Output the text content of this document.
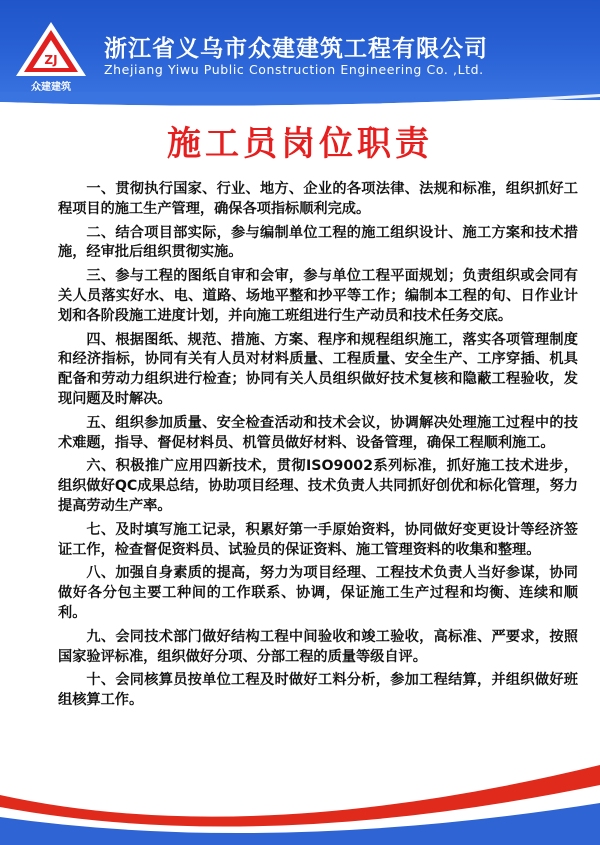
ZJ
众建建筑
浙江省义乌市众建建筑工程有限公司
Zhejiang Yiwu Public Construction Engineering Co. ,Ltd.
施工员岗位职责

一、贯彻执行国家、行业、地方、企业的各项法律、法规和标准，组织抓好工程项目的施工生产管理，确保各项指标顺利完成。

二、结合项目部实际，参与编制单位工程的施工组织设计、施工方案和技术措施，经审批后组织贯彻实施。

三、参与工程的图纸自审和会审，参与单位工程平面规划；负责组织或会同有关人员落实好水、电、道路、场地平整和抄平等工作；编制本工程的旬、日作业计划和各阶段施工进度计划，并向施工班组进行生产动员和技术任务交底。

四、根据图纸、规范、措施、方案、程序和规程组织施工，落实各项管理制度和经济指标，协同有关有人员对材料质量、工程质量、安全生产、工序穿插、机具配备和劳动力组织进行检查；协同有关人员组织做好技术复核和隐蔽工程验收，发现问题及时解决。

五、组织参加质量、安全检查活动和技术会议，协调解决处理施工过程中的技术难题，指导、督促材料员、机管员做好材料、设备管理，确保工程顺利施工。

六、积极推广应用四新技术，贯彻ISO9002系列标准，抓好施工技术进步，组织做好QC成果总结，协助项目经理、技术负责人共同抓好创优和标化管理，努力提高劳动生产率。

七、及时填写施工记录，积累好第一手原始资料，协同做好变更设计等经济签证工作，检查督促资料员、试验员的保证资料、施工管理资料的收集和整理。

八、加强自身素质的提高，努力为项目经理、工程技术负责人当好参谋，协同做好各分包主要工种间的工作联系、协调，保证施工生产过程和均衡、连续和顺利。

九、会同技术部门做好结构工程中间验收和竣工验收，高标准、严要求，按照国家验评标准，组织做好分项、分部工程的质量等级自评。

十、会同核算员按单位工程及时做好工料分析，参加工程结算，并组织做好班组核算工作。
